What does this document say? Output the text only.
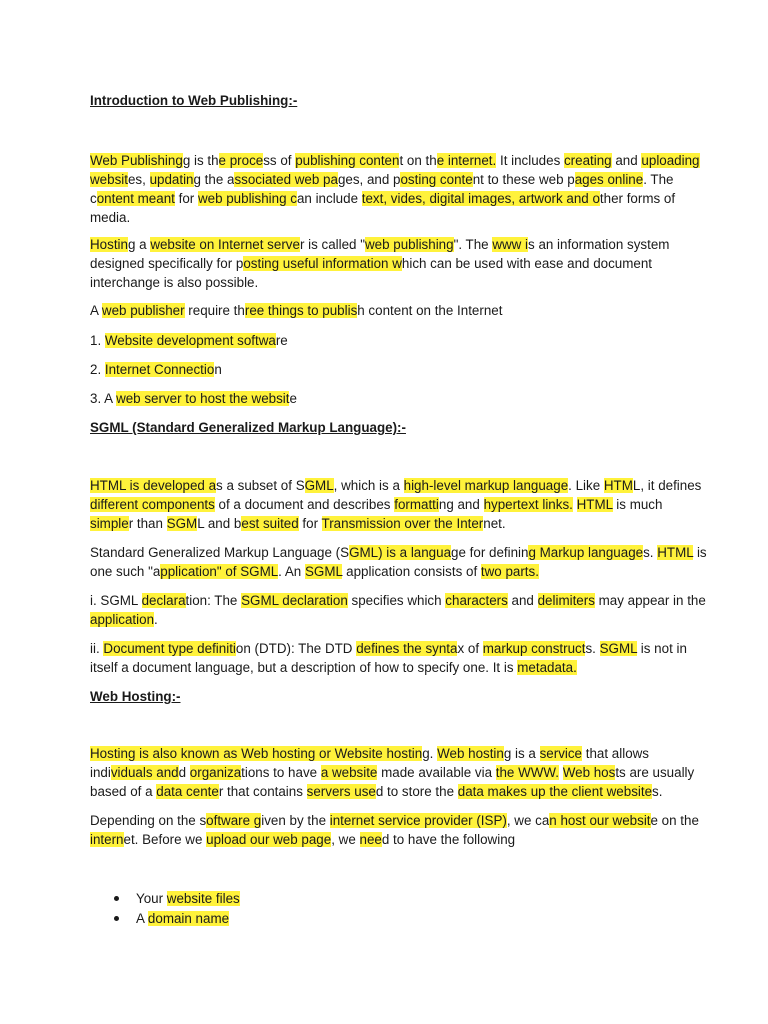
Introduction to Web Publishing:-
Web Publishingg is the process of publishing content on the internet. It includes creating and uploading
websites, updating the associated web pages, and posting content to these web pages online. The
content meant for web publishing can include text, vides, digital images, artwork and other forms of
media.
Hosting a website on Internet server is called "web publishing". The www is an information system
designed specifically for posting useful information which can be used with ease and document
interchange is also possible.
A web publisher require three things to publish content on the Internet
1. Website development software
2. Internet Connection
3. A web server to host the website
SGML (Standard Generalized Markup Language):-
HTML is developed as a subset of SGML, which is a high-level markup language. Like HTML, it defines
different components of a document and describes formatting and hypertext links. HTML is much
simpler than SGML and best suited for Transmission over the Internet.
Standard Generalized Markup Language (SGML) is a language for defining Markup languages. HTML is
one such "application" of SGML. An SGML application consists of two parts.
i. SGML declaration: The SGML declaration specifies which characters and delimiters may appear in the
application.
ii. Document type definition (DTD): The DTD defines the syntax of markup constructs. SGML is not in
itself a document language, but a description of how to specify one. It is metadata.
Web Hosting:-
Hosting is also known as Web hosting or Website hosting. Web hosting is a service that allows
individuals andd organizations to have a website made available via the WWW. Web hosts are usually
based of a data center that contains servers used to store the data makes up the client websites.
Depending on the software given by the internet service provider (ISP), we can host our website on the
internet. Before we upload our web page, we need to have the following
Your website files
A domain name
